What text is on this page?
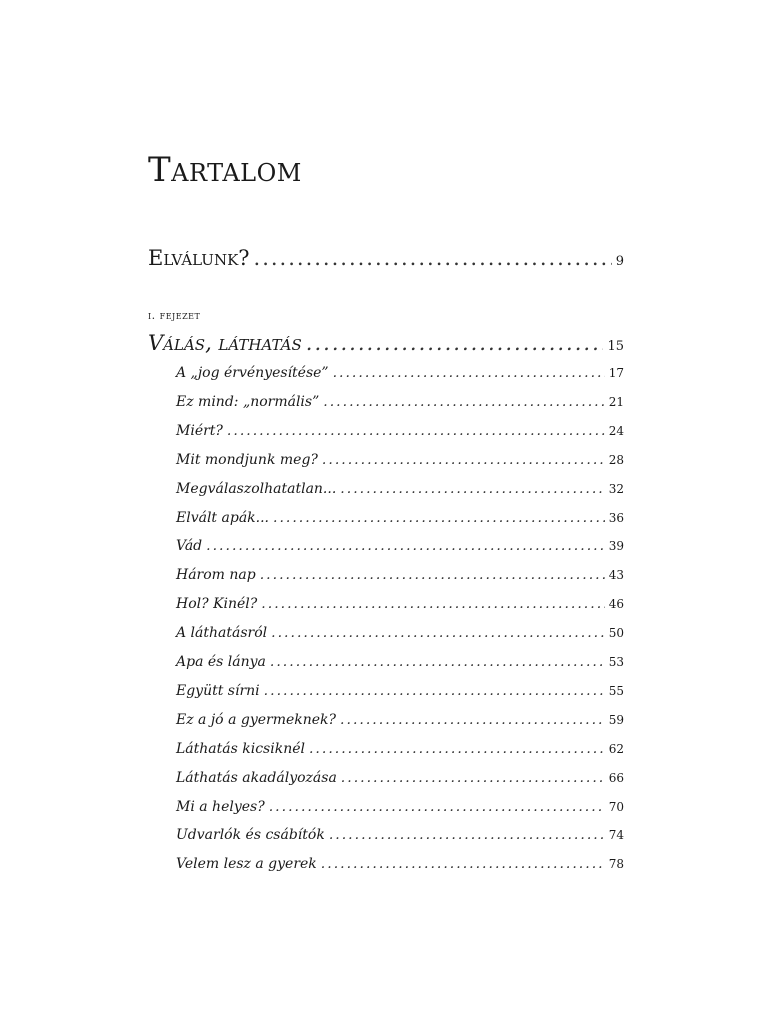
Tartalom
Elválunk? .....	9
i. fejezet
Válás, láthatás .....	15
A „jog érvényesítése” .....	17
Ez mind: „normális” .....	21
Miért? .....	24
Mit mondjunk meg? .....	28
Megválaszolhatatlan... .....	32
Elvált apák... .....	36
Vád .....	39
Három nap .....	43
Hol? Kinél? .....	46
A láthatásról .....	50
Apa és lánya .....	53
Együtt sírni .....	55
Ez a jó a gyermeknek? .....	59
Láthatás kicsiknél .....	62
Láthatás akadályozása .....	66
Mi a helyes? .....	70
Udvarlók és csábítók .....	74
Velem lesz a gyerek .....	78
